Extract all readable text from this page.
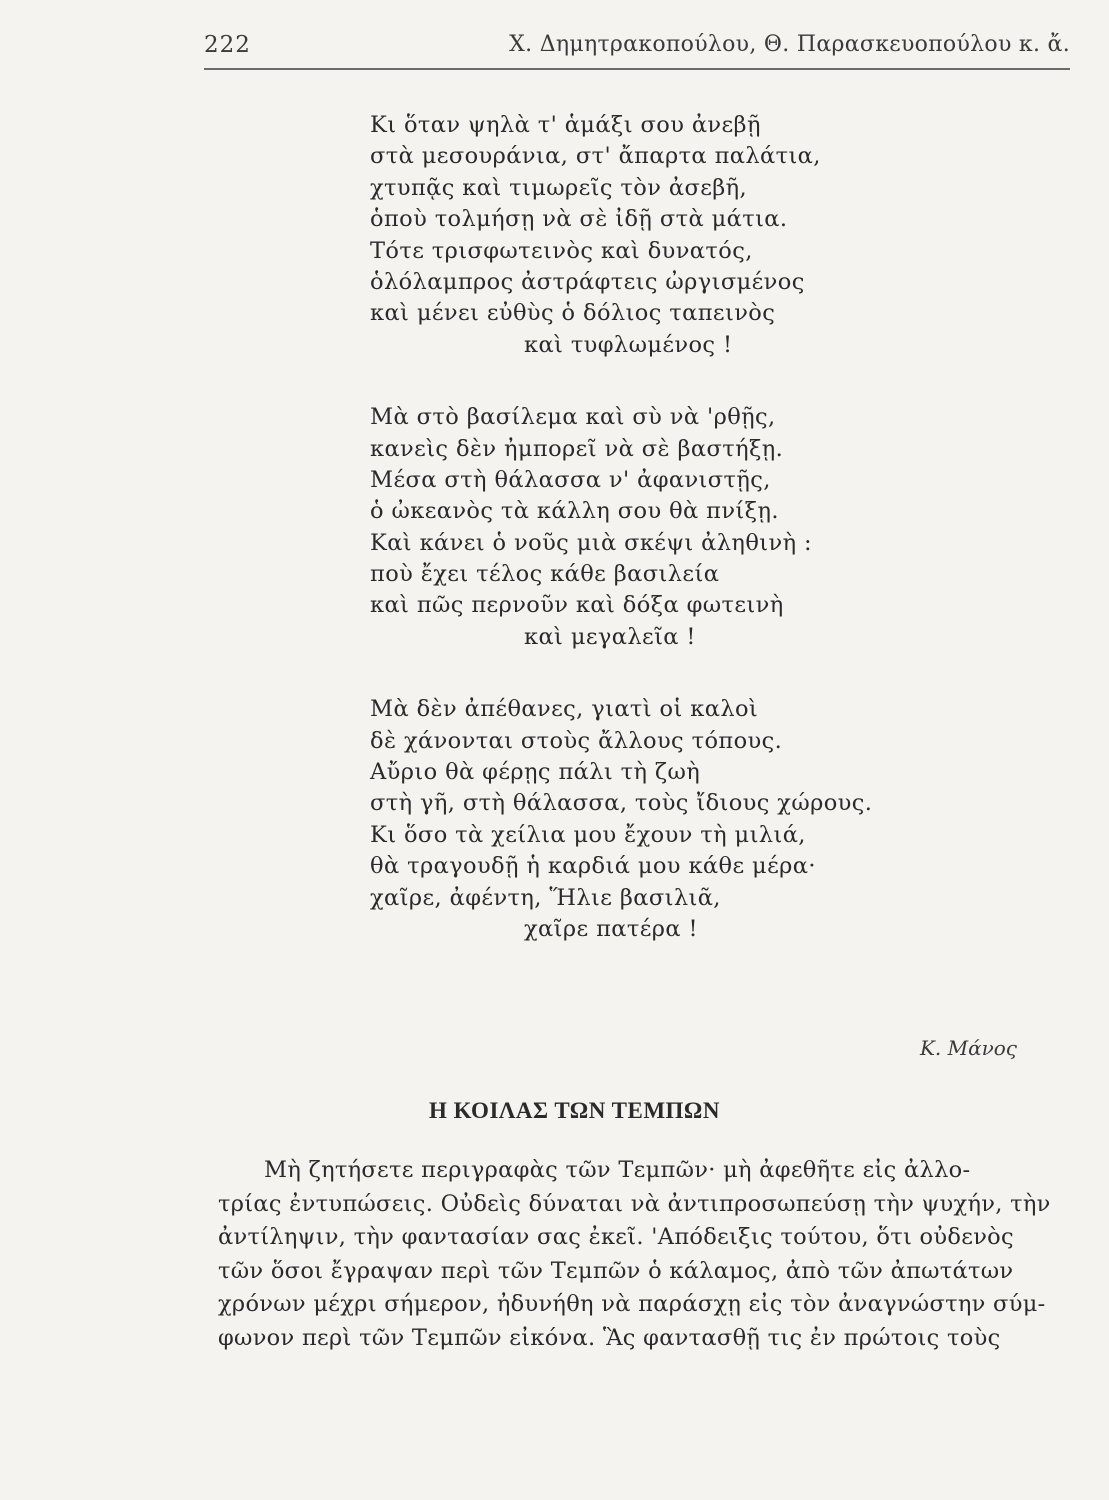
222	Χ. Δημητρακοπούλου, Θ. Παρασκευοπούλου κ. ἄ.
Κι ὅταν ψηλὰ τ' ἁμάξι σου ἀνεβῇ
στὰ μεσουράνια, στ' ἄπαρτα παλάτια,
χτυπᾷς καὶ τιμωρεῖς τὸν ἀσεβῆ,
ὁποὺ τολμήσῃ νὰ σὲ ἰδῇ στὰ μάτια.
Τότε τρισφωτεινὸς καὶ δυνατός,
ὁλόλαμπρος ἀστράφτεις ὠργισμένος
καὶ μένει εὐθὺς ὁ δόλιος ταπεινὸς
καὶ τυφλωμένος !
Μὰ στὸ βασίλεμα καὶ σὺ νὰ 'ρθῇς,
κανεὶς δὲν ἠμπορεῖ νὰ σὲ βαστήξῃ.
Μέσα στὴ θάλασσα ν' ἀφανιστῇς,
ὁ ὠκεανὸς τὰ κάλλη σου θὰ πνίξῃ.
Καὶ κάνει ὁ νοῦς μιὰ σκέψι ἀληθινὴ :
ποὺ ἔχει τέλος κάθε βασιλεία
καὶ πῶς περνοῦν καὶ δόξα φωτεινὴ
καὶ μεγαλεῖα !
Μὰ δὲν ἀπέθανες, γιατὶ οἱ καλοὶ
δὲ χάνονται στοὺς ἄλλους τόπους.
Αὔριο θὰ φέρῃς πάλι τὴ ζωὴ
στὴ γῆ, στὴ θάλασσα, τοὺς ἴδιους χώρους.
Κι ὅσο τὰ χείλια μου ἔχουν τὴ μιλιά,
θὰ τραγουδῇ ἡ καρδιά μου κάθε μέρα·
χαῖρε, ἀφέντη, Ἥλιε βασιλιᾶ,
χαῖρε πατέρα !
Κ. Μάνος
Η ΚΟΙΛΑΣ ΤΩΝ ΤΕΜΠΩΝ
Μὴ ζητήσετε περιγραφὰς τῶν Τεμπῶν· μὴ ἀφεθῆτε εἰς ἀλλο-
τρίας ἐντυπώσεις. Οὐδεὶς δύναται νὰ ἀντιπροσωπεύσῃ τὴν ψυχήν, τὴν
ἀντίληψιν, τὴν φαντασίαν σας ἐκεῖ. 'Απόδειξις τούτου, ὅτι οὐδενὸς
τῶν ὅσοι ἔγραψαν περὶ τῶν Τεμπῶν ὁ κάλαμος, ἀπὸ τῶν ἀπωτάτων
χρόνων μέχρι σήμερον, ἠδυνήθη νὰ παράσχῃ εἰς τὸν ἀναγνώστην σύμ-
φωνον περὶ τῶν Τεμπῶν εἰκόνα. Ἃς φαντασθῇ τις ἐν πρώτοις τοὺς
